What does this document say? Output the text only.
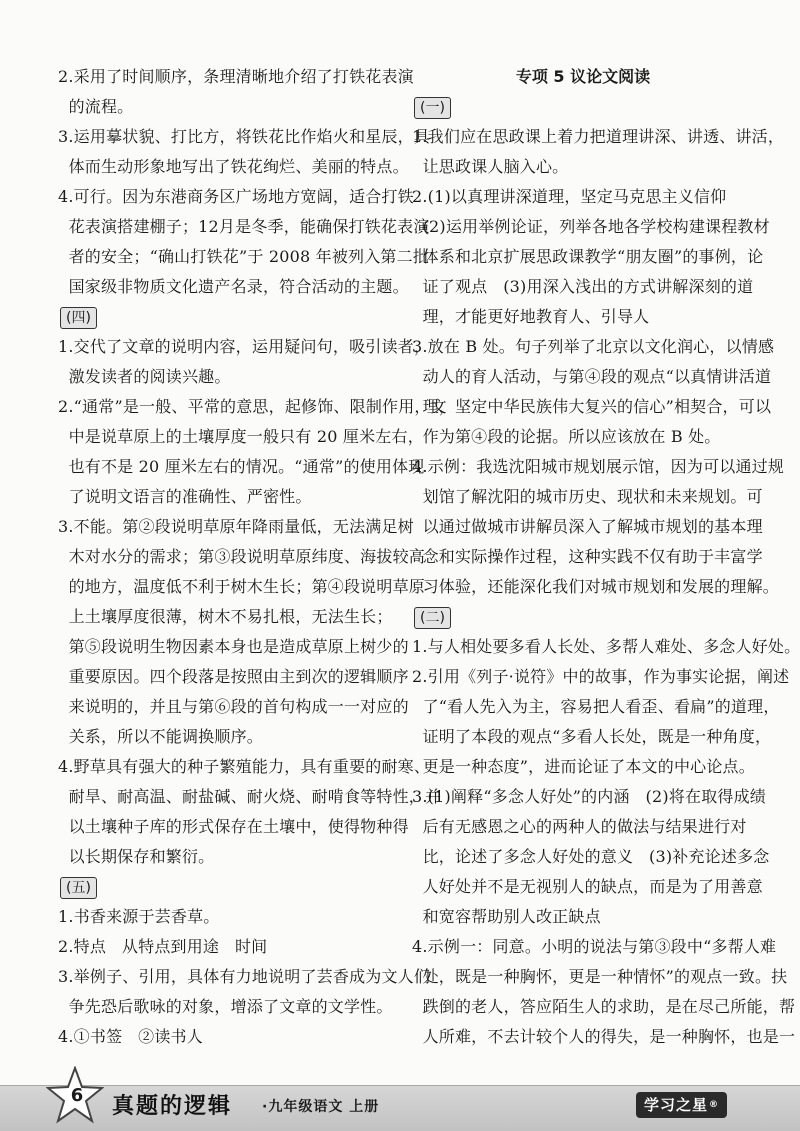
2.采用了时间顺序，条理清晰地介绍了打铁花表演
的流程。
3.运用摹状貌、打比方，将铁花比作焰火和星辰，具
体而生动形象地写出了铁花绚烂、美丽的特点。
4.可行。因为东港商务区广场地方宽阔，适合打铁
花表演搭建棚子；12月是冬季，能确保打铁花表演
者的安全；“确山打铁花”于 2008 年被列入第二批
国家级非物质文化遗产名录，符合活动的主题。
(四)
1.交代了文章的说明内容，运用疑问句，吸引读者，
激发读者的阅读兴趣。
2.“通常”是一般、平常的意思，起修饰、限制作用，文
中是说草原上的土壤厚度一般只有 20 厘米左右，
也有不是 20 厘米左右的情况。“通常”的使用体现
了说明文语言的准确性、严密性。
3.不能。第②段说明草原年降雨量低，无法满足树
木对水分的需求；第③段说明草原纬度、海拔较高
的地方，温度低不利于树木生长；第④段说明草原
上土壤厚度很薄，树木不易扎根，无法生长；
第⑤段说明生物因素本身也是造成草原上树少的
重要原因。四个段落是按照由主到次的逻辑顺序
来说明的，并且与第⑥段的首句构成一一对应的
关系，所以不能调换顺序。
4.野草具有强大的种子繁殖能力，具有重要的耐寒、
耐旱、耐高温、耐盐碱、耐火烧、耐啃食等特性，并
以土壤种子库的形式保存在土壤中，使得物种得
以长期保存和繁衍。
(五)
1.书香来源于芸香草。
2.特点   从特点到用途   时间
3.举例子、引用，具体有力地说明了芸香成为文人们
争先恐后歌咏的对象，增添了文章的文学性。
4.①书签   ②读书人
专项 5 议论文阅读
(一)
1.我们应在思政课上着力把道理讲深、讲透、讲活，
让思政课人脑入心。
2.(1)以真理讲深道理，坚定马克思主义信仰
(2)运用举例论证，列举各地各学校构建课程教材
体系和北京扩展思政课教学“朋友圈”的事例，论
证了观点   (3)用深入浅出的方式讲解深刻的道
理，才能更好地教育人、引导人
3.放在 B 处。句子列举了北京以文化润心，以情感
动人的育人活动，与第④段的观点“以真情讲活道
理，坚定中华民族伟大复兴的信心”相契合，可以
作为第④段的论据。所以应该放在 B 处。
4.示例：我选沈阳城市规划展示馆，因为可以通过规
划馆了解沈阳的城市历史、现状和未来规划。可
以通过做城市讲解员深入了解城市规划的基本理
念和实际操作过程，这种实践不仅有助于丰富学
习体验，还能深化我们对城市规划和发展的理解。
(二)
1.与人相处要多看人长处、多帮人难处、多念人好处。
2.引用《列子·说符》中的故事，作为事实论据，阐述
了“看人先入为主，容易把人看歪、看扁”的道理，
证明了本段的观点“多看人长处，既是一种角度，
更是一种态度”，进而论证了本文的中心论点。
3.(1)阐释“多念人好处”的内涵   (2)将在取得成绩
后有无感恩之心的两种人的做法与结果进行对
比，论述了多念人好处的意义   (3)补充论述多念
人好处并不是无视别人的缺点，而是为了用善意
和宽容帮助别人改正缺点
4.示例一：同意。小明的说法与第③段中“多帮人难
处，既是一种胸怀，更是一种情怀”的观点一致。扶
跌倒的老人，答应陌生人的求助，是在尽己所能，帮
人所难，不去计较个人的得失，是一种胸怀，也是一
6 真题的逻辑 ·九年级语文 上册	学习之星®
